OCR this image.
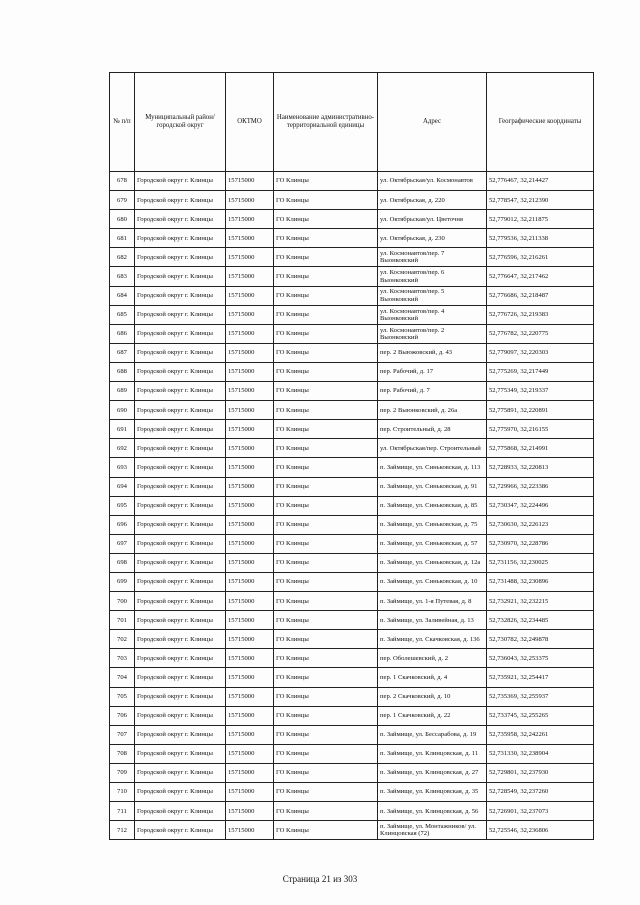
№ п/п	Муниципальный район/городской округ	ОКТМО	Наименование административно-территориальной единицы	Адрес	Географические координаты
678	Городской округ г. Клинцы	15715000	ГО Клинцы	ул. Октябрьская/ул. Космонавтов	52,776467, 32,214427
679	Городской округ г. Клинцы	15715000	ГО Клинцы	ул. Октябрьская, д. 220	52,778547, 32,212390
680	Городской округ г. Клинцы	15715000	ГО Клинцы	ул. Октябрьская/ул. Цветочня	52,779012, 32,211875
681	Городской округ г. Клинцы	15715000	ГО Клинцы	ул. Октябрьская, д. 230	52,779536, 32,211338
682	Городской округ г. Клинцы	15715000	ГО Клинцы	ул. Космонавтов/пер. 7 Выонковский	52,776596, 32,216261
683	Городской округ г. Клинцы	15715000	ГО Клинцы	ул. Космонавтов/пер. 6 Выонковский	52,776647, 32,217462
684	Городской округ г. Клинцы	15715000	ГО Клинцы	ул. Космонавтов/пер. 5 Выонковский	52,776686, 32,218487
685	Городской округ г. Клинцы	15715000	ГО Клинцы	ул. Космонавтов/пер. 4 Выонковский	52,776726, 32,219383
686	Городской округ г. Клинцы	15715000	ГО Клинцы	ул. Космонавтов/пер. 2 Выонковский	52,776782, 32,220775
687	Городской округ г. Клинцы	15715000	ГО Клинцы	пер. 2 Выюжовский, д. 43	52,779097, 32,220303
688	Городской округ г. Клинцы	15715000	ГО Клинцы	пер. Рабочий, д. 17	52,775269, 32,217449
689	Городской округ г. Клинцы	15715000	ГО Клинцы	пер. Рабочий, д. 7	52,775349, 32,219337
690	Городской округ г. Клинцы	15715000	ГО Клинцы	пер. 2 Выюнковский, д. 26а	52,775891, 32,220891
691	Городской округ г. Клинцы	15715000	ГО Клинцы	пер. Строительный, д. 28	52,775970, 32,216155
692	Городской округ г. Клинцы	15715000	ГО Клинцы	ул. Октябрьская/пер. Строительный	52,775868, 32,214991
693	Городской округ г. Клинцы	15715000	ГО Клинцы	п. Займище, ул. Синьковская, д. 113	52,728933, 32,220813
694	Городской округ г. Клинцы	15715000	ГО Клинцы	п. Займище, ул. Синьковская, д. 91	52,729966, 32,223386
695	Городской округ г. Клинцы	15715000	ГО Клинцы	п. Займище, ул. Синьковская, д. 85	52,730347, 32,224496
696	Городской округ г. Клинцы	15715000	ГО Клинцы	п. Займище, ул. Синьковская, д. 75	52,730630, 32,226123
697	Городской округ г. Клинцы	15715000	ГО Клинцы	п. Займище, ул. Синьковская, д. 57	52,730970, 32,228786
698	Городской округ г. Клинцы	15715000	ГО Клинцы	п. Займище, ул. Синьковская, д. 12а	52,731156, 32,230025
699	Городской округ г. Клинцы	15715000	ГО Клинцы	п. Займище, ул. Синьковская, д. 10	52,731488, 32,230896
700	Городской округ г. Клинцы	15715000	ГО Клинцы	п. Займище, ул. 1-я Путевая, д. 8	52,732921, 32,232215
701	Городской округ г. Клинцы	15715000	ГО Клинцы	п. Займище, ул. Заливейная, д. 13	52,732826, 32,234485
702	Городской округ г. Клинцы	15715000	ГО Клинцы	п. Займище, ул. Скачковская, д. 136	52,730782, 32,249878
703	Городской округ г. Клинцы	15715000	ГО Клинцы	пер. Оболешевский, д. 2	52,736043, 32,253375
704	Городской округ г. Клинцы	15715000	ГО Клинцы	пер. 1 Скачковский, д. 4	52,735921, 32,254417
705	Городской округ г. Клинцы	15715000	ГО Клинцы	пер. 2 Скачковский, д. 10	52,735369, 32,255937
706	Городской округ г. Клинцы	15715000	ГО Клинцы	пер. 1 Скачковский, д. 22	52,733745, 32,255265
707	Городской округ г. Клинцы	15715000	ГО Клинцы	п. Займище, ул. Бессарабова, д. 19	52,735958, 32,242261
708	Городской округ г. Клинцы	15715000	ГО Клинцы	п. Займище, ул. Клинцовская, д. 11	52,731330, 32,238904
709	Городской округ г. Клинцы	15715000	ГО Клинцы	п. Займище, ул. Клинцовская, д. 27	52,729801, 32,237930
710	Городской округ г. Клинцы	15715000	ГО Клинцы	п. Займище, ул. Клинцовская, д. 35	52,728549, 32,237260
711	Городской округ г. Клинцы	15715000	ГО Клинцы	п. Займище, ул. Клинцовская, д. 56	52,726901, 32,237073
712	Городской округ г. Клинцы	15715000	ГО Клинцы	п. Займище, ул. Монтажников/ ул. Клинцовская (72)	52,725546, 32,236806
Страница 21 из 303
